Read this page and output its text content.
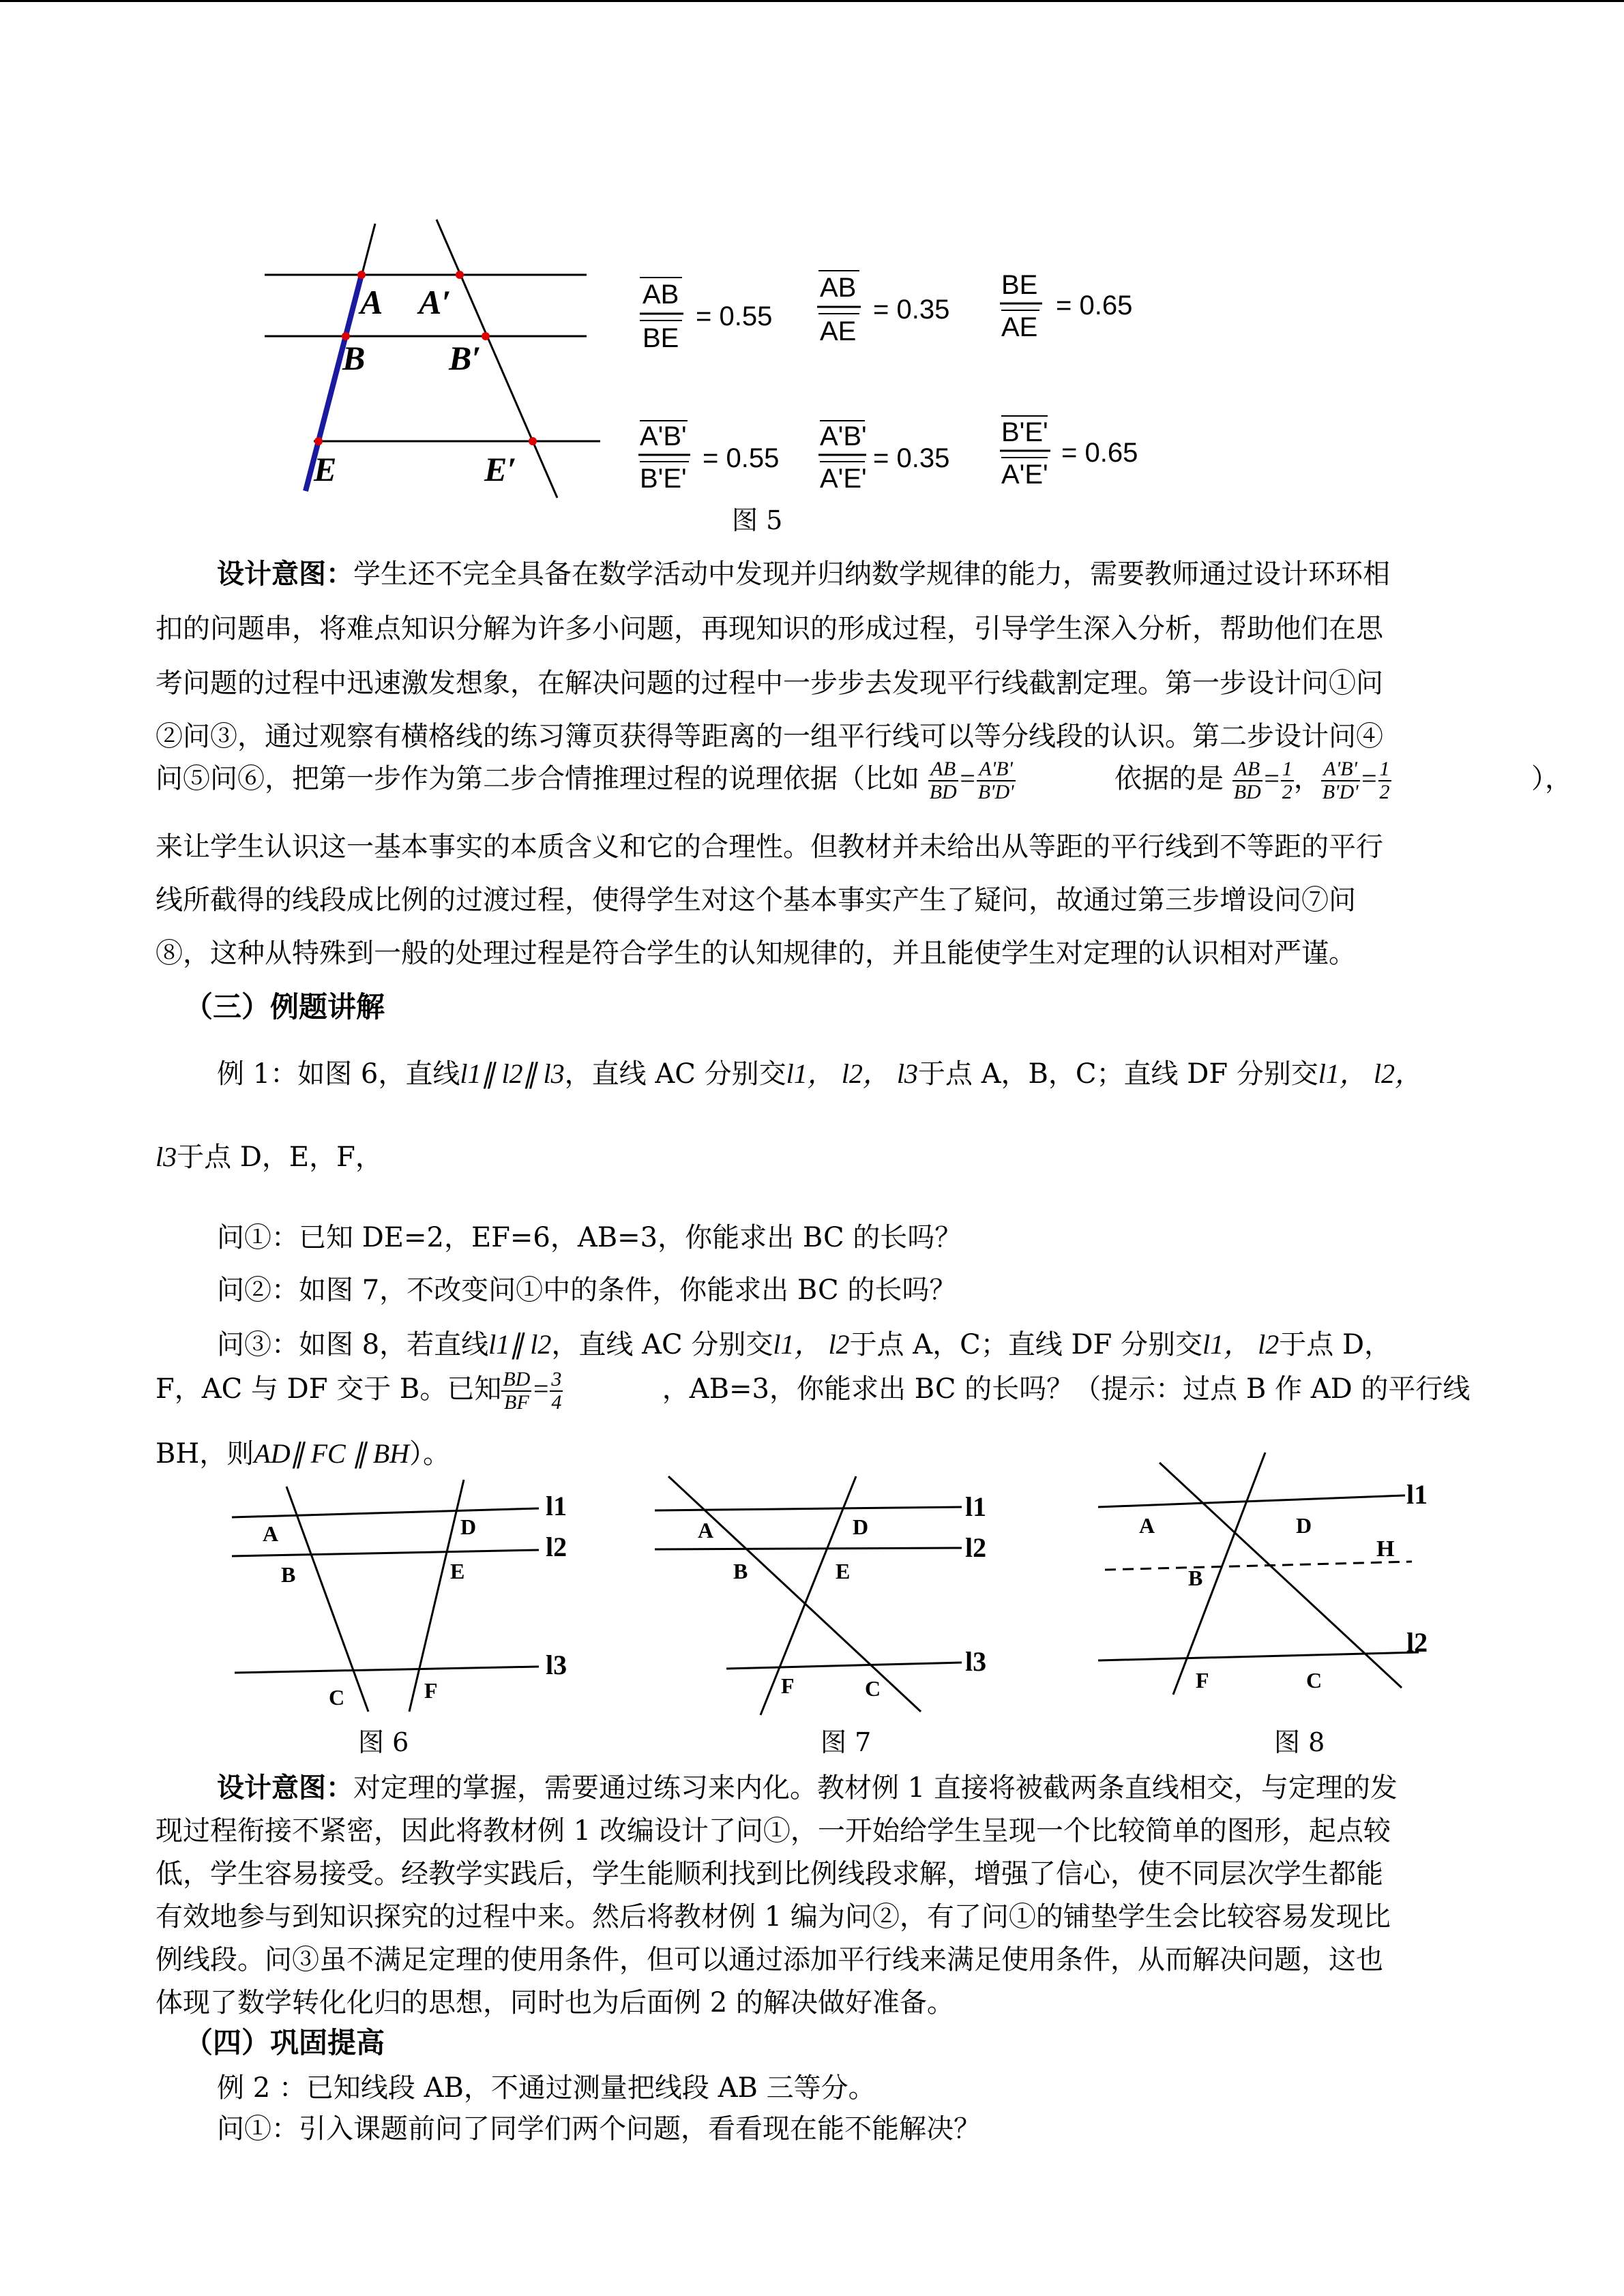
A A′
B B′
E	E′
AB
BE
= 0.55
AB
AE
= 0.35
BE
AE
= 0.65
A'B'
B'E'
= 0.55
A'B'
A'E'
= 0.35
B'E'
A'E'
= 0.65
图 5
设计意图：学生还不完全具备在数学活动中发现并归纳数学规律的能力，需要教师通过设计环环相
扣的问题串，将难点知识分解为许多小问题，再现知识的形成过程，引导学生深入分析，帮助他们在思
考问题的过程中迅速激发想象，在解决问题的过程中一步步去发现平行线截割定理。第一步设计问①问
②问③，通过观察有横格线的练习簿页获得等距离的一组平行线可以等分线段的认识。第二步设计问④
问⑤问⑥，把第一步作为第二步合情推理过程的说理依据（比如 $\frac{AB}{BD} = \frac{A'B'}{B'D'}$	依据的是 $\frac{AB}{BD} = \frac{1}{2}$ ， $\frac{A'B'}{B'D'} = \frac{1}{2}$	），
来让学生认识这一基本事实的本质含义和它的合理性。但教材并未给出从等距的平行线到不等距的平行
线所截得的线段成比例的过渡过程，使得学生对这个基本事实产生了疑问，故通过第三步增设问⑦问
⑧，这种从特殊到一般的处理过程是符合学生的认知规律的，并且能使学生对定理的认识相对严谨。
（三）例题讲解
例 1：如图 6，直线l1∥ l2∥ l3，直线 AC 分别交l1， l2， l3于点 A，B，C；直线 DF 分别交l1， l2，
l3于点 D，E，F，
问①：已知 DE=2，EF=6，AB=3，你能求出 BC 的长吗？
问②：如图 7，不改变问①中的条件，你能求出 BC 的长吗？
问③：如图 8，若直线l1∥ l2，直线 AC 分别交l1， l2于点 A，C；直线 DF 分别交l1， l2于点 D，
F，AC 与 DF 交于 B。已知 $\frac{BD}{BF} = \frac{3}{4}$	，AB=3，你能求出 BC 的长吗？（提示：过点 B 作 AD 的平行线
BH，则AD∥ FC ∥ BH）。
l1
l2
l3
A
B
C
D
E
F
图 6
l1
l2
l3
A
B
C
D
E
F
图 7
l1
l2
A	D
B
H
F	C
图 8
设计意图：对定理的掌握，需要通过练习来内化。教材例 1 直接将被截两条直线相交，与定理的发
现过程衔接不紧密，因此将教材例 1 改编设计了问①，一开始给学生呈现一个比较简单的图形，起点较
低，学生容易接受。经教学实践后，学生能顺利找到比例线段求解，增强了信心，使不同层次学生都能
有效地参与到知识探究的过程中来。然后将教材例 1 编为问②，有了问①的铺垫学生会比较容易发现比
例线段。问③虽不满足定理的使用条件，但可以通过添加平行线来满足使用条件，从而解决问题，这也
体现了数学转化化归的思想，同时也为后面例 2 的解决做好准备。
（四）巩固提高
例 2 ：已知线段 AB，不通过测量把线段 AB 三等分。
问①：引入课题前问了同学们两个问题，看看现在能不能解决？
